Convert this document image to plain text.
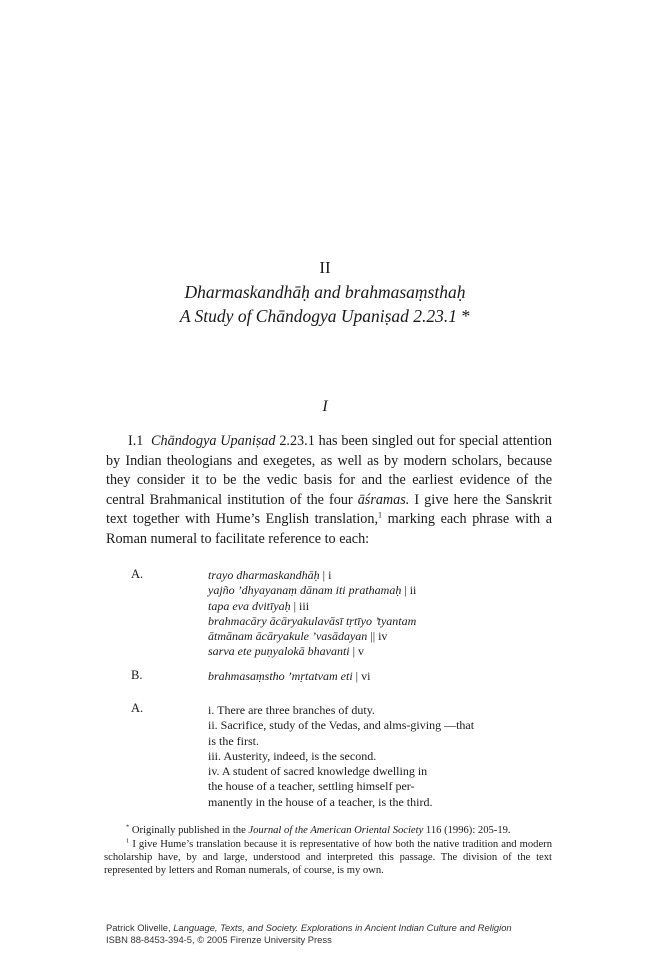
II
Dharmaskandhāḥ and brahmasaṃsthaḥ
A Study of Chāndogya Upaniṣad 2.23.1 *
I
I.1 Chāndogya Upaniṣad 2.23.1 has been singled out for special attention by Indian theologians and exegetes, as well as by modern scholars, because they consider it to be the vedic basis for and the earliest evidence of the central Brahmanical institution of the four āśramas. I give here the Sanskrit text together with Hume’s English translation,$^1$ marking each phrase with a Roman numeral to facilitate reference to each:
A.	trayo dharmaskandhāḥ | i
yajño ’dhyayanaṃ dānam iti prathamaḥ | ii
tapa eva dvitīyaḥ | iii
brahmacāry ācāryakulavāsī tṛtīyo ’tyantam
ātmānam ācāryakule ’vasādayan || iv
sarva ete puṇyalokā bhavanti | v
B.	brahmasaṃstho ’mṛtatvam eti | vi
A.	i. There are three branches of duty.
ii. Sacrifice, study of the Vedas, and alms-giving —that
is the first.
iii. Austerity, indeed, is the second.
iv. A student of sacred knowledge dwelling in
the house of a teacher, settling himself per-
manently in the house of a teacher, is the third.
* Originally published in the Journal of the American Oriental Society 116 (1996): 205-19.
$^1$ I give Hume’s translation because it is representative of how both the native tradition and modern scholarship have, by and large, understood and interpreted this passage. The division of the text represented by letters and Roman numerals, of course, is my own.
Patrick Olivelle, Language, Texts, and Society. Explorations in Ancient Indian Culture and Religion
ISBN 88-8453-394-5, © 2005 Firenze University Press
